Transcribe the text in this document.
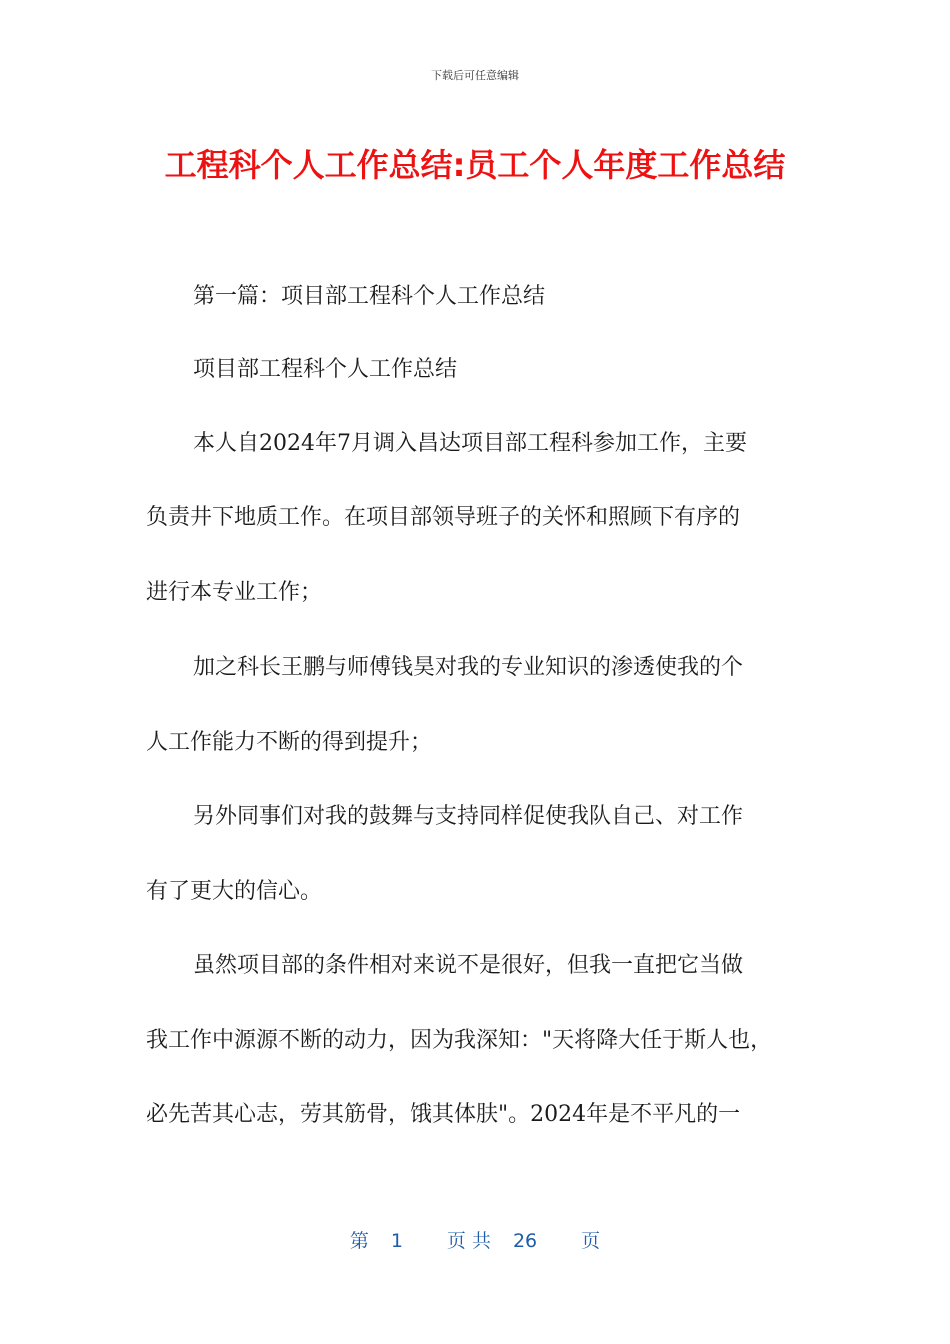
下载后可任意编辑
工程科个人工作总结:员工个人年度工作总结
第一篇：项目部工程科个人工作总结
项目部工程科个人工作总结
本人自2024年7月调入昌达项目部工程科参加工作，主要
负责井下地质工作。在项目部领导班子的关怀和照顾下有序的
进行本专业工作；
加之科长王鹏与师傅钱昊对我的专业知识的渗透使我的个
人工作能力不断的得到提升；
另外同事们对我的鼓舞与支持同样促使我队自己、对工作
有了更大的信心。
虽然项目部的条件相对来说不是很好，但我一直把它当做
我工作中源源不断的动力，因为我深知："天将降大任于斯人也，
必先苦其心志，劳其筋骨，饿其体肤"。2024年是不平凡的一
第 1 页 共 26 页
